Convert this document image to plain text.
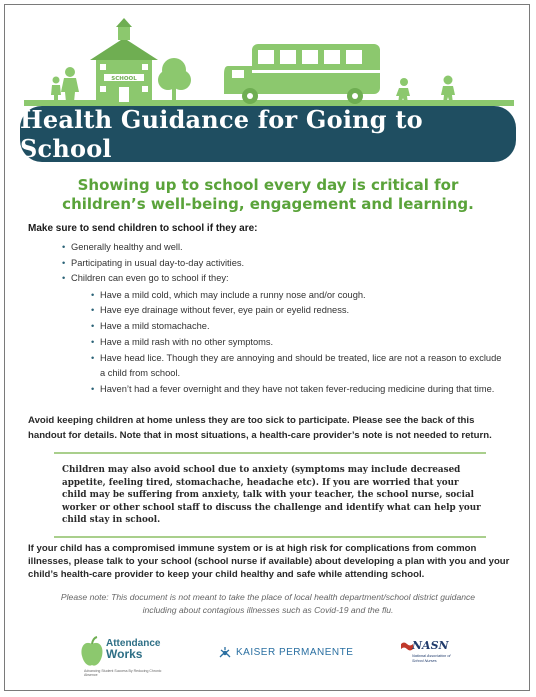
SCHOOL
Health Guidance for Going to School
Showing up to school every day is critical for children’s well-being, engagement and learning.
Make sure to send children to school if they are:
• Generally healthy and well.
• Participating in usual day-to-day activities.
• Children can even go to school if they:
• Have a mild cold, which may include a runny nose and/or cough.
• Have eye drainage without fever, eye pain or eyelid redness.
• Have a mild stomachache.
• Have a mild rash with no other symptoms.
• Have head lice. Though they are annoying and should be treated, lice are not a reason to exclude a child from school.
• Haven’t had a fever overnight and they have not taken fever-reducing medicine during that time.
Avoid keeping children at home unless they are too sick to participate. Please see the back of this handout for details. Note that in most situations, a health-care provider’s note is not needed to return.
Children may also avoid school due to anxiety (symptoms may include decreased appetite, feeling tired, stomachache, headache etc). If you are worried that your child may be suffering from anxiety, talk with your teacher, the school nurse, social worker or other school staff to discuss the challenge and identify what can help your child stay in school.
If your child has a compromised immune system or is at high risk for complications from common illnesses, please talk to your school (school nurse if available) about developing a plan with you and your child’s health-care provider to keep your child healthy and safe while attending school.
Please note: This document is not meant to take the place of local health department/school district guidance including about contagious illnesses such as Covid-19 and the flu.
Attendance
Works
Advancing Student Success By Reducing Chronic Absence
KAISER PERMANENTE	NASN
National Association of School Nurses
